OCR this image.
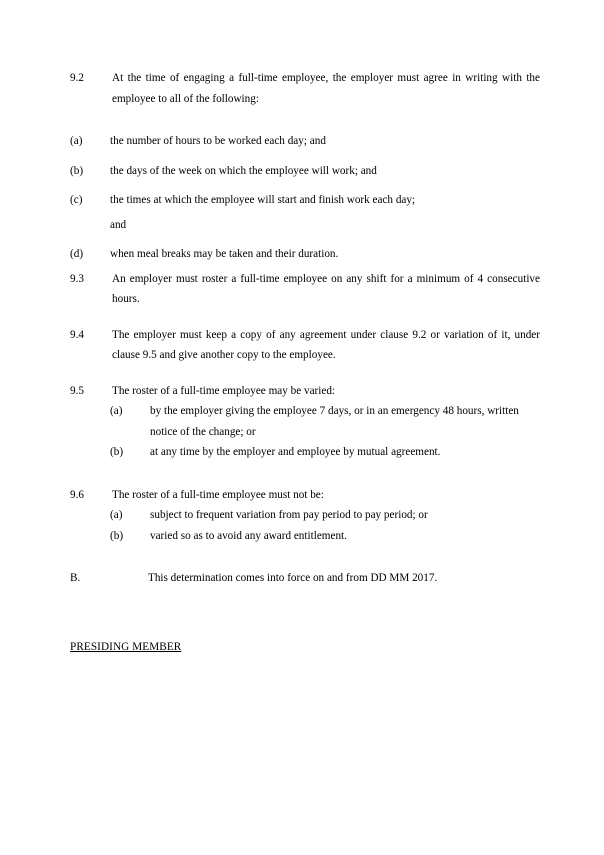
9.2	At the time of engaging a full-time employee, the employer must agree in writing with the employee to all of the following:
(a)	the number of hours to be worked each day; and
(b)	the days of the week on which the employee will work; and
(c)	the times at which the employee will start and finish work each day;
and
(d)	when meal breaks may be taken and their duration.
9.3	An employer must roster a full-time employee on any shift for a minimum of 4 consecutive hours.
9.4	The employer must keep a copy of any agreement under clause 9.2 or variation of it, under clause 9.5 and give another copy to the employee.
9.5	The roster of a full-time employee may be varied:
(a)	by the employer giving the employee 7 days, or in an emergency 48 hours, written notice of the change; or
(b)	at any time by the employer and employee by mutual agreement.
9.6	The roster of a full-time employee must not be:
(a)	subject to frequent variation from pay period to pay period; or
(b)	varied so as to avoid any award entitlement.
B.	This determination comes into force on and from DD MM 2017.
PRESIDING MEMBER
